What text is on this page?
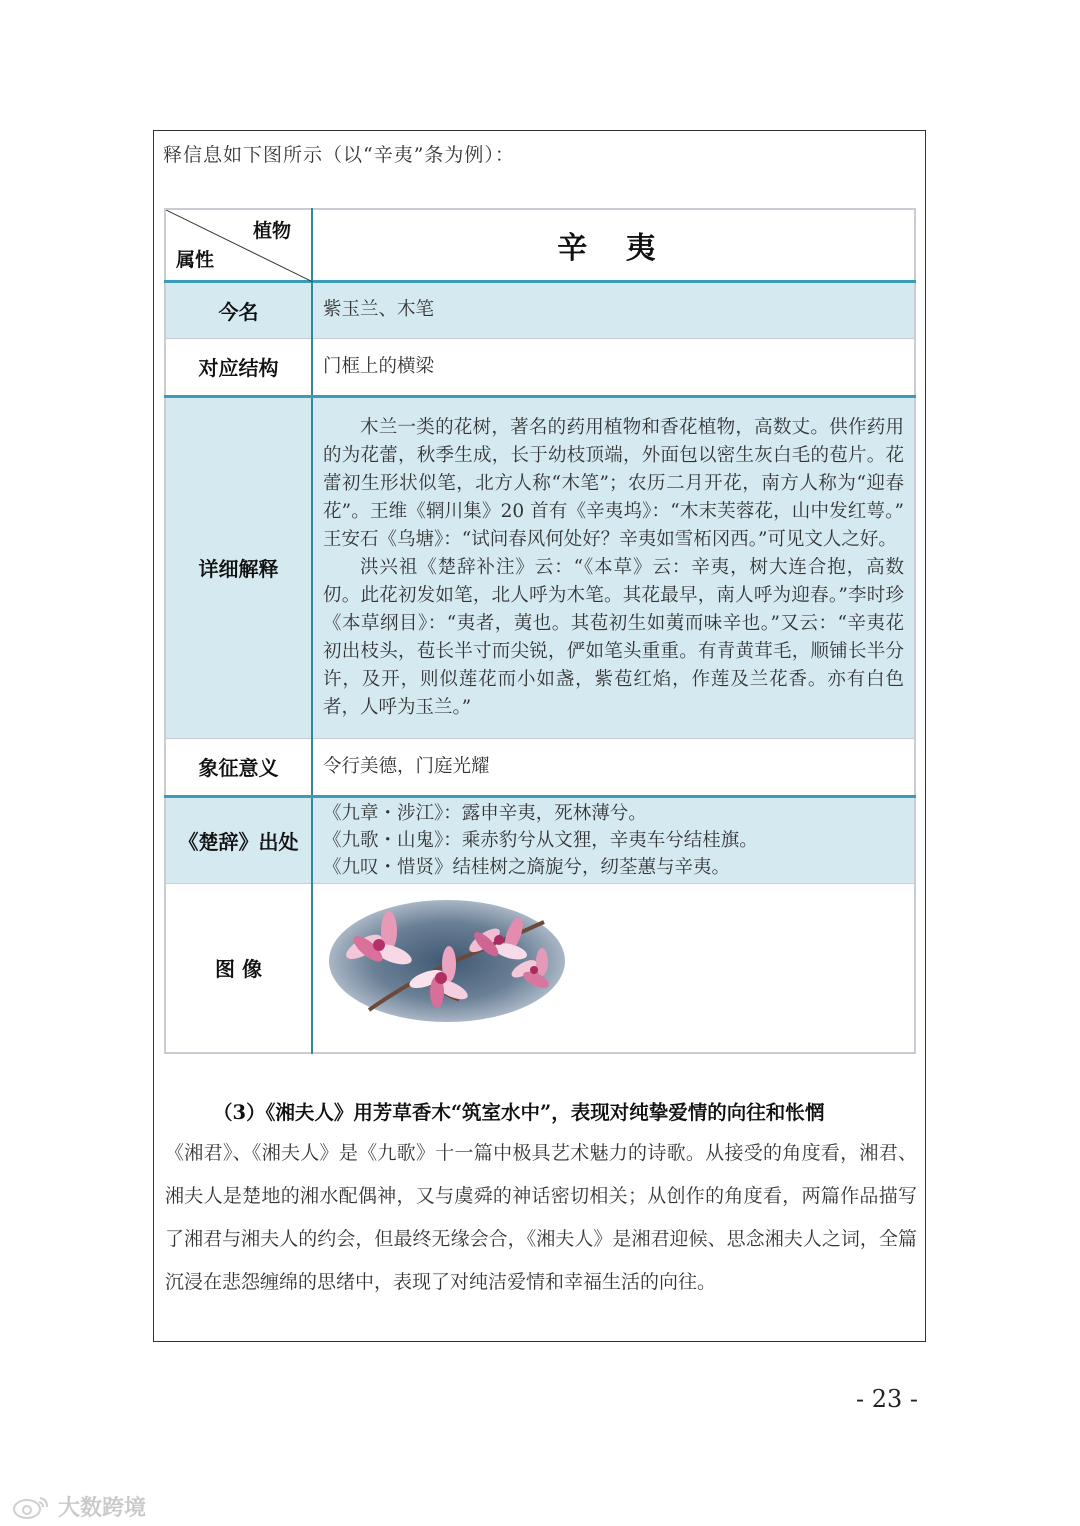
释信息如下图所示（以“辛夷”条为例）：
植物
属性	辛 夷
今名	紫玉兰、木笔
对应结构	门框上的横梁
详细解释	木兰一类的花树，著名的药用植物和香花植物，高数丈。供作药用的为花蕾，秋季生成，长于幼枝顶端，外面包以密生灰白毛的苞片。花蕾初生形状似笔，北方人称“木笔”；农历二月开花，南方人称为“迎春花”。王维《辋川集》20 首有《辛夷坞》：“木末芙蓉花，山中发红萼。” 王安石《乌塘》：“试问春风何处好？辛夷如雪柘冈西。”可见文人之好。

洪兴祖《楚辞补注》云：“《本草》云：辛夷，树大连合抱，高数仞。此花初发如笔，北人呼为木笔。其花最早，南人呼为迎春。”李时珍《本草纲目》：“夷者，荑也。其苞初生如荑而味辛也。”又云：“辛夷花初出枝头，苞长半寸而尖锐，俨如笔头重重。有青黄茸毛，顺铺长半分许，及开，则似莲花而小如盏，紫苞红焰，作莲及兰花香。亦有白色者，人呼为玉兰。”

象征意义	令行美德，门庭光耀
《楚辞》出处	《九章・涉江》：露申辛夷，死林薄兮。
《九歌・山鬼》：乘赤豹兮从文狸，辛夷车兮结桂旗。
《九叹・惜贤》结桂树之旖旎兮，纫荃蕙与辛夷。

图 像	
（3）《湘夫人》用芳草香木“筑室水中”，表现对纯挚爱情的向往和怅惘

《湘君》、《湘夫人》是《九歌》十一篇中极具艺术魅力的诗歌。从接受的角度看，湘君、湘夫人是楚地的湘水配偶神，又与虞舜的神话密切相关；从创作的角度看，两篇作品描写了湘君与湘夫人的约会，但最终无缘会合，《湘夫人》是湘君迎候、思念湘夫人之词，全篇沉浸在悲怨缠绵的思绪中，表现了对纯洁爱情和幸福生活的向往。

- 23 -
大数跨境
